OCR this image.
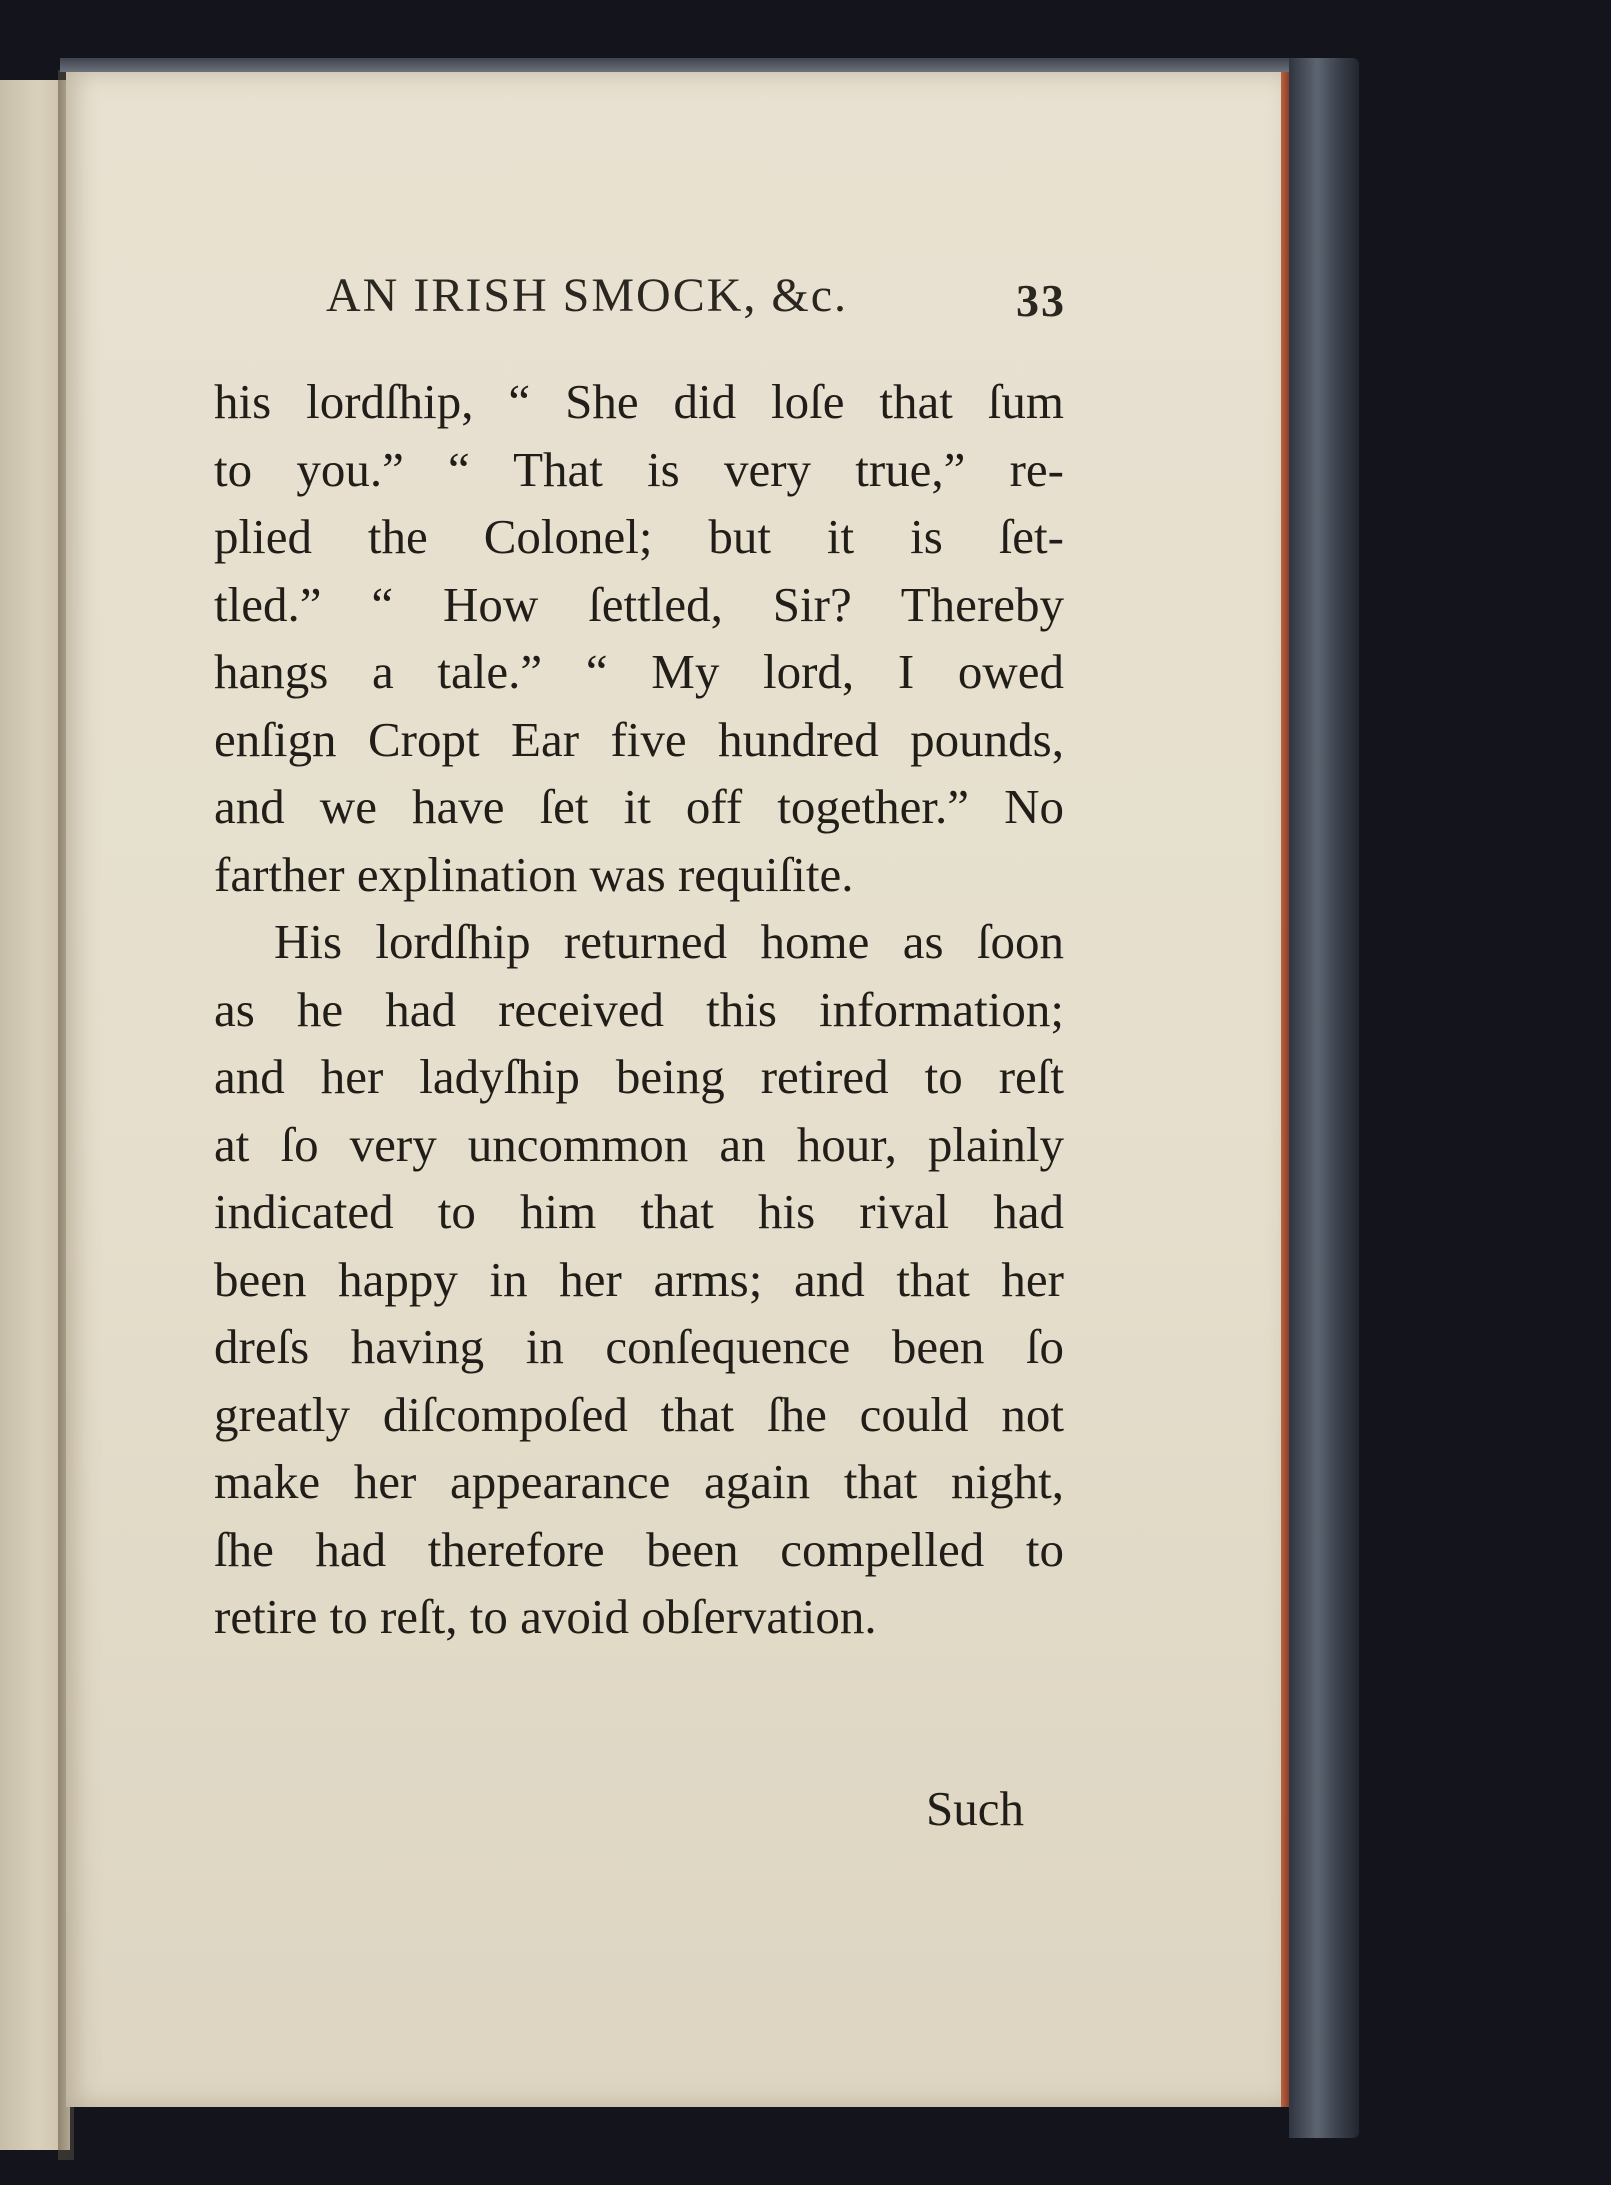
AN IRISH SMOCK, &c.	33
his lordſhip, “ She did loſe that ſum
to you.” “ That is very true,” re-
plied the Colonel; but it is ſet-
tled.” “ How ſettled, Sir? Thereby
hangs a tale.” “ My lord, I owed
enſign Cropt Ear five hundred pounds,
and we have ſet it off together.” No
farther explination was requiſite.
His lordſhip returned home as ſoon
as he had received this information;
and her ladyſhip being retired to reſt
at ſo very uncommon an hour, plainly
indicated to him that his rival had
been happy in her arms; and that her
dreſs having in conſequence been ſo
greatly diſcompoſed that ſhe could not
make her appearance again that night,
ſhe had therefore been compelled to
retire to reſt, to avoid obſervation.
Such
